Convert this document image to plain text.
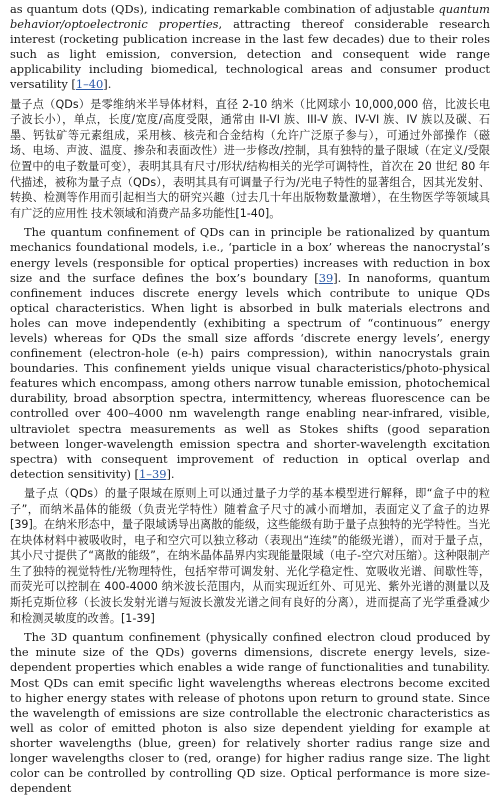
as quantum dots (QDs), indicating remarkable combination of adjustable quantum behavior/optoelectronic properties, attracting thereof considerable research interest (rocketing publication increase in the last few decades) due to their roles such as light emission, conversion, detection and consequent wide range applicability including biomedical, technological areas and consumer product versatility [1–40].

量子点（QDs）是零维纳米半导体材料，直径 2-10 纳米（比网球小 10,000,000 倍，比波长电子波长小），单点，长度/宽度/高度受限，通常由 II-VI 族、III-V 族、IV-VI 族、IV 族以及碳、石墨、钙钛矿等元素组成，采用核、核壳和合金结构（允许广泛原子参与），可通过外部操作（磁场、电场、声波、温度、掺杂和表面改性）进一步修改/控制，具有独特的量子限域（在定义/受限位置中的电子数量可变），表明其具有尺寸/形状/结构相关的光学可调特性，首次在 20 世纪 80 年代描述，被称为量子点（QDs），表明其具有可调量子行为/光电子特性的显著组合，因其光发射、转换、检测等作用而引起相当大的研究兴趣（过去几十年出版物数量激增），在生物医学等领域具有广泛的应用性 技术领域和消费产品多功能性[1-40]。

The quantum confinement of QDs can in principle be rationalized by quantum mechanics foundational models, i.e., ‘particle in a box’ whereas the nanocrystal’s energy levels (responsible for optical properties) increases with reduction in box size and the surface defines the box’s boundary [39]. In nanoforms, quantum confinement induces discrete energy levels which contribute to unique QDs optical characteristics. When light is absorbed in bulk materials electrons and holes can move independently (exhibiting a spectrum of “continuous” energy levels) whereas for QDs the small size affords ‘discrete energy levels’, energy confinement (electron-hole (e-h) pairs compression), within nanocrystals grain boundaries. This confinement yields unique visual characteristics/photo-physical features which encompass, among others narrow tunable emission, photochemical durability, broad absorption spectra, intermittency, whereas fluorescence can be controlled over 400–4000 nm wavelength range enabling near-infrared, visible, ultraviolet spectra measurements as well as Stokes shifts (good separation between longer-wavelength emission spectra and shorter-wavelength excitation spectra) with consequent improvement of reduction in optical overlap and detection sensitivity) [1–39].

量子点（QDs）的量子限域在原则上可以通过量子力学的基本模型进行解释，即“盒子中的粒子”，而纳米晶体的能级（负责光学特性）随着盒子尺寸的减小而增加，表面定义了盒子的边界[39]。在纳米形态中，量子限域诱导出离散的能级，这些能级有助于量子点独特的光学特性。当光在块体材料中被吸收时，电子和空穴可以独立移动（表现出“连续”的能级光谱），而对于量子点，其小尺寸提供了“离散的能级”，在纳米晶体晶界内实现能量限域（电子-空穴对压缩）。这种限制产生了独特的视觉特性/光物理特性，包括窄带可调发射、光化学稳定性、宽吸收光谱、间歇性等，而荧光可以控制在 400-4000 纳米波长范围内，从而实现近红外、可见光、紫外光谱的测量以及斯托克斯位移（长波长发射光谱与短波长激发光谱之间有良好的分离），进而提高了光学重叠减少和检测灵敏度的改善。[1-39]

The 3D quantum confinement (physically confined electron cloud produced by the minute size of the QDs) governs dimensions, discrete energy levels, size-dependent properties which enables a wide range of functionalities and tunability. Most QDs can emit specific light wavelengths whereas electrons become excited to higher energy states with release of photons upon return to ground state. Since the wavelength of emissions are size controllable the electronic characteristics as well as color of emitted photon is also size dependent yielding for example at shorter wavelengths (blue, green) for relatively shorter radius range size and longer wavelengths closer to (red, orange) for higher radius range size. The light color can be controlled by controlling QD size. Optical performance is more size-dependent
